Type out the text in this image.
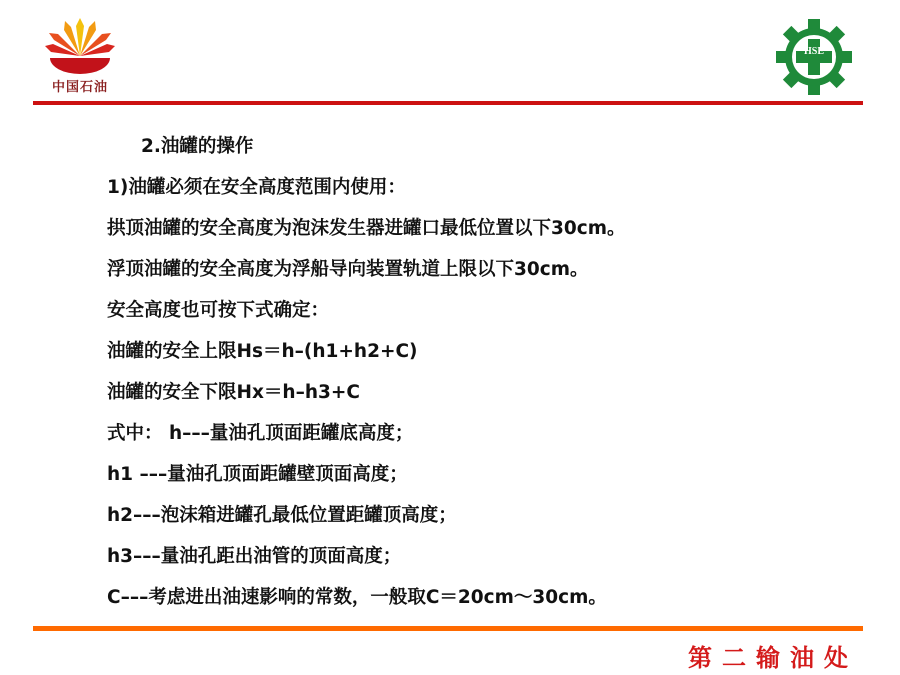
中国石油
HSE
2.油罐的操作
1)油罐必须在安全高度范围内使用：
拱顶油罐的安全高度为泡沫发生器进罐口最低位置以下30cm。
浮顶油罐的安全高度为浮船导向装置轨道上限以下30cm。
安全高度也可按下式确定：
油罐的安全上限Hs＝h–(h1+h2+C)
油罐的安全下限Hx＝h–h3+C
式中： h–––量油孔顶面距罐底高度；
h1 –––量油孔顶面距罐壁顶面高度；
h2–––泡沫箱进罐孔最低位置距罐顶高度；
h3–––量油孔距出油管的顶面高度；
C–––考虑进出油速影响的常数，一般取C＝20cm～30cm。
第二输油处
